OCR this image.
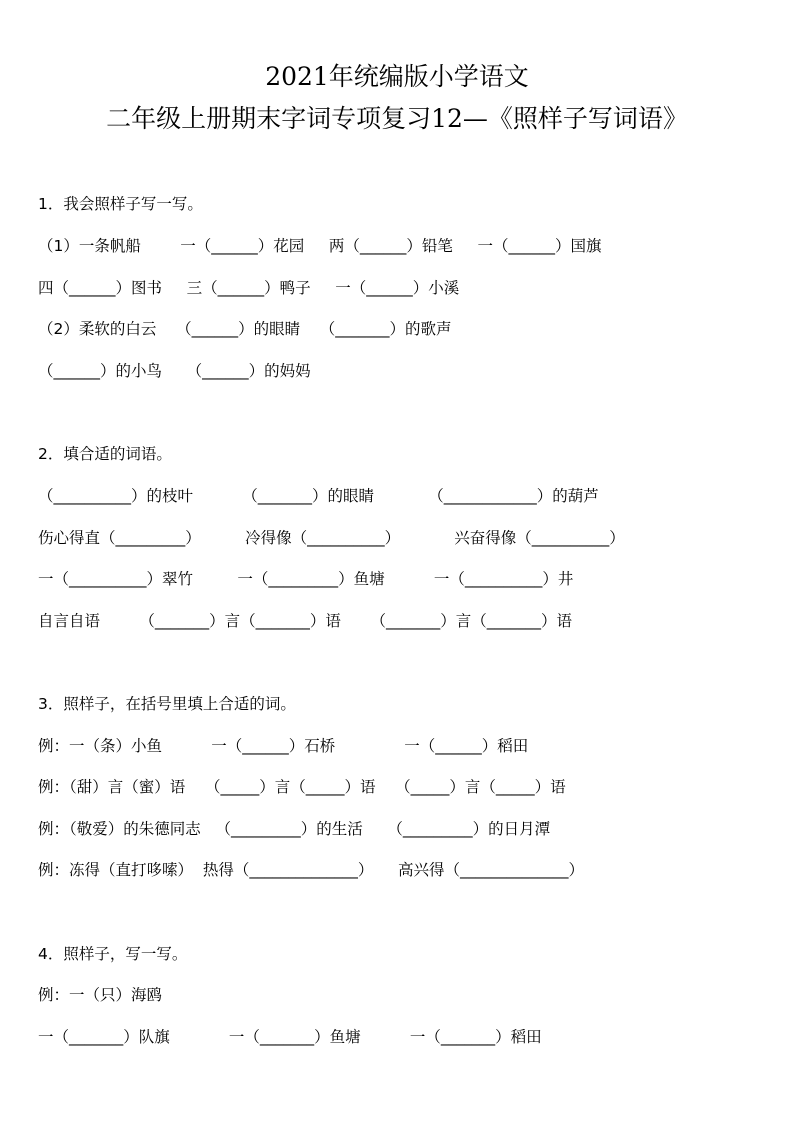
2021年统编版小学语文
二年级上册期末字词专项复习12—《照样子写词语》
1．我会照样子写一写。
（1）一条帆船        一（______）花园     两（______）铅笔     一（______）国旗
四（______）图书     三（______）鸭子     一（______）小溪
（2）柔软的白云    （______）的眼睛    （_______）的歌声
（______）的小鸟     （______）的妈妈
2．填合适的词语。
（__________）的枝叶          （_______）的眼睛           （____________）的葫芦
伤心得直（_________）         冷得像（__________）           兴奋得像（__________）
一（__________）翠竹         一（_________）鱼塘          一（__________）井
自言自语        （_______）言（_______）语      （_______）言（_______）语
3．照样子，在括号里填上合适的词。
例：一（条）小鱼          一（______）石桥              一（______）稻田
例：（甜）言（蜜）语    （_____）言（_____）语    （_____）言（_____）语
例：（敬爱）的朱德同志   （_________）的生活     （_________）的日月潭
例：冻得（直打哆嗦）  热得（______________）     高兴得（______________）
4．照样子，写一写。
例：一（只）海鸥
一（_______）队旗            一（_______）鱼塘          一（_______）稻田
